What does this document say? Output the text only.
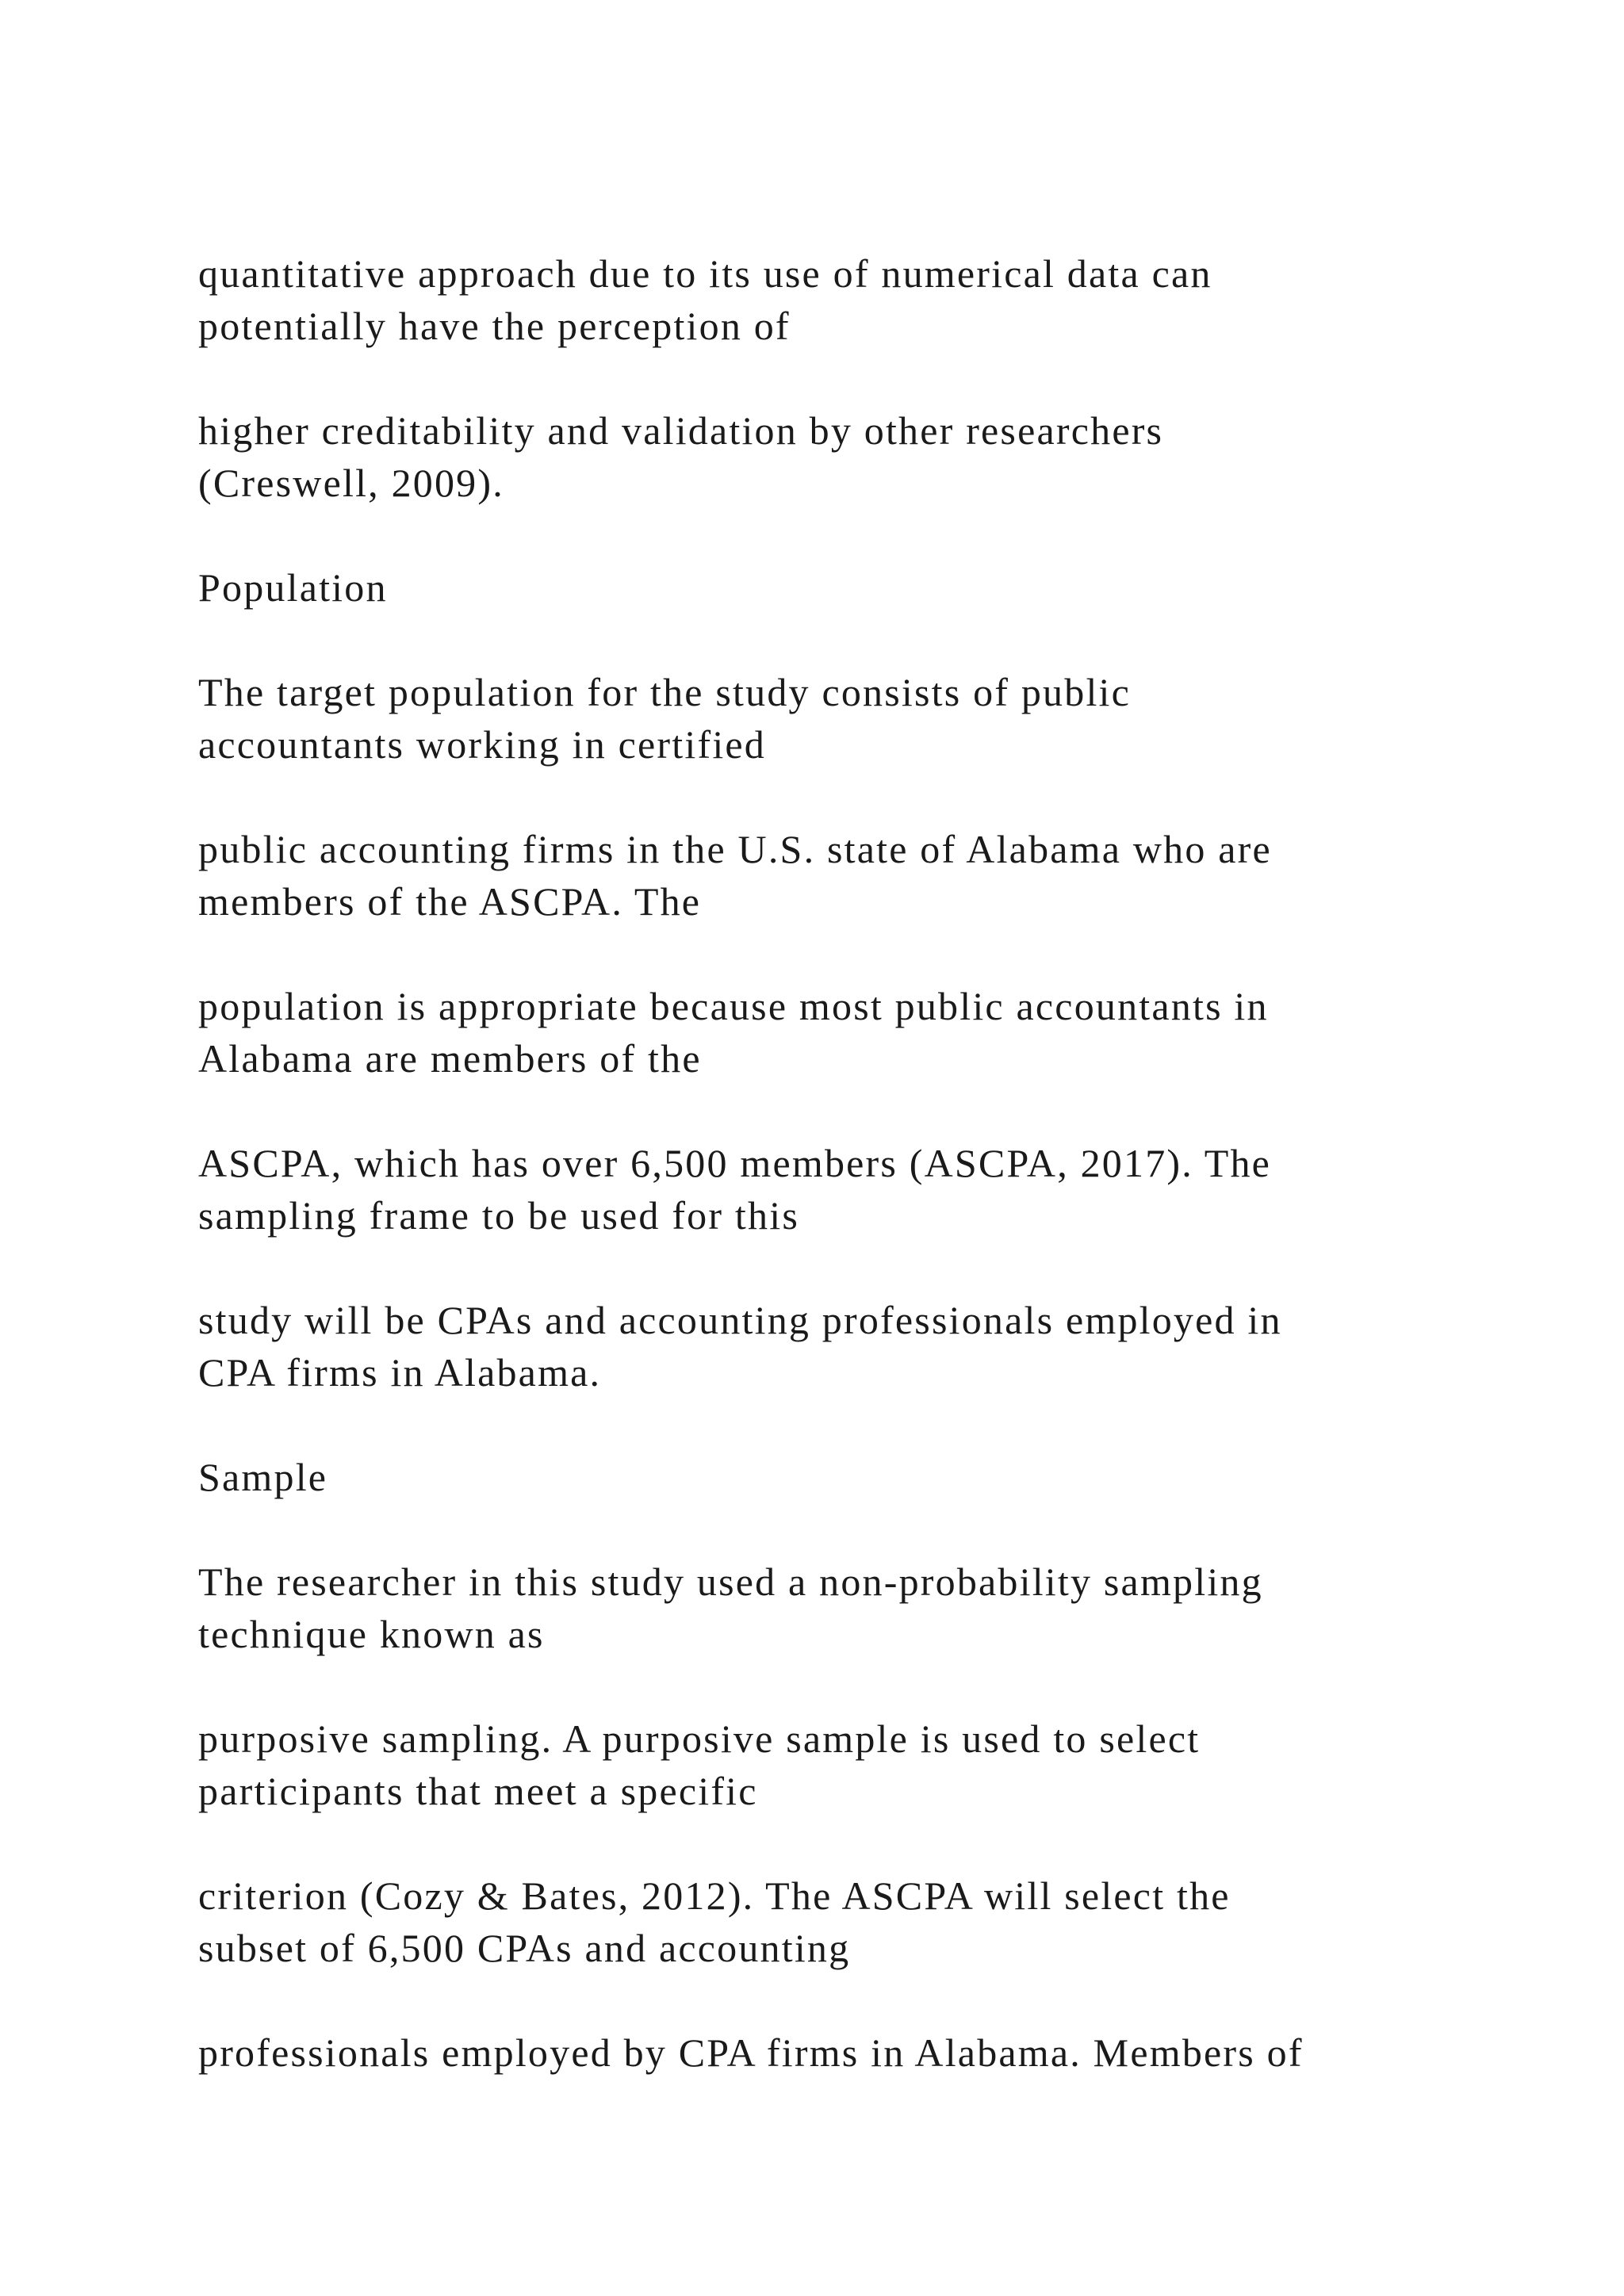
quantitative approach due to its use of numerical data can
potentially have the perception of

higher creditability and validation by other researchers
(Creswell, 2009).

Population

The target population for the study consists of public
accountants working in certified

public accounting firms in the U.S. state of Alabama who are
members of the ASCPA. The

population is appropriate because most public accountants in
Alabama are members of the

ASCPA, which has over 6,500 members (ASCPA, 2017). The
sampling frame to be used for this

study will be CPAs and accounting professionals employed in
CPA firms in Alabama.

Sample

The researcher in this study used a non-probability sampling
technique known as

purposive sampling. A purposive sample is used to select
participants that meet a specific

criterion (Cozy & Bates, 2012). The ASCPA will select the
subset of 6,500 CPAs and accounting

professionals employed by CPA firms in Alabama. Members of
